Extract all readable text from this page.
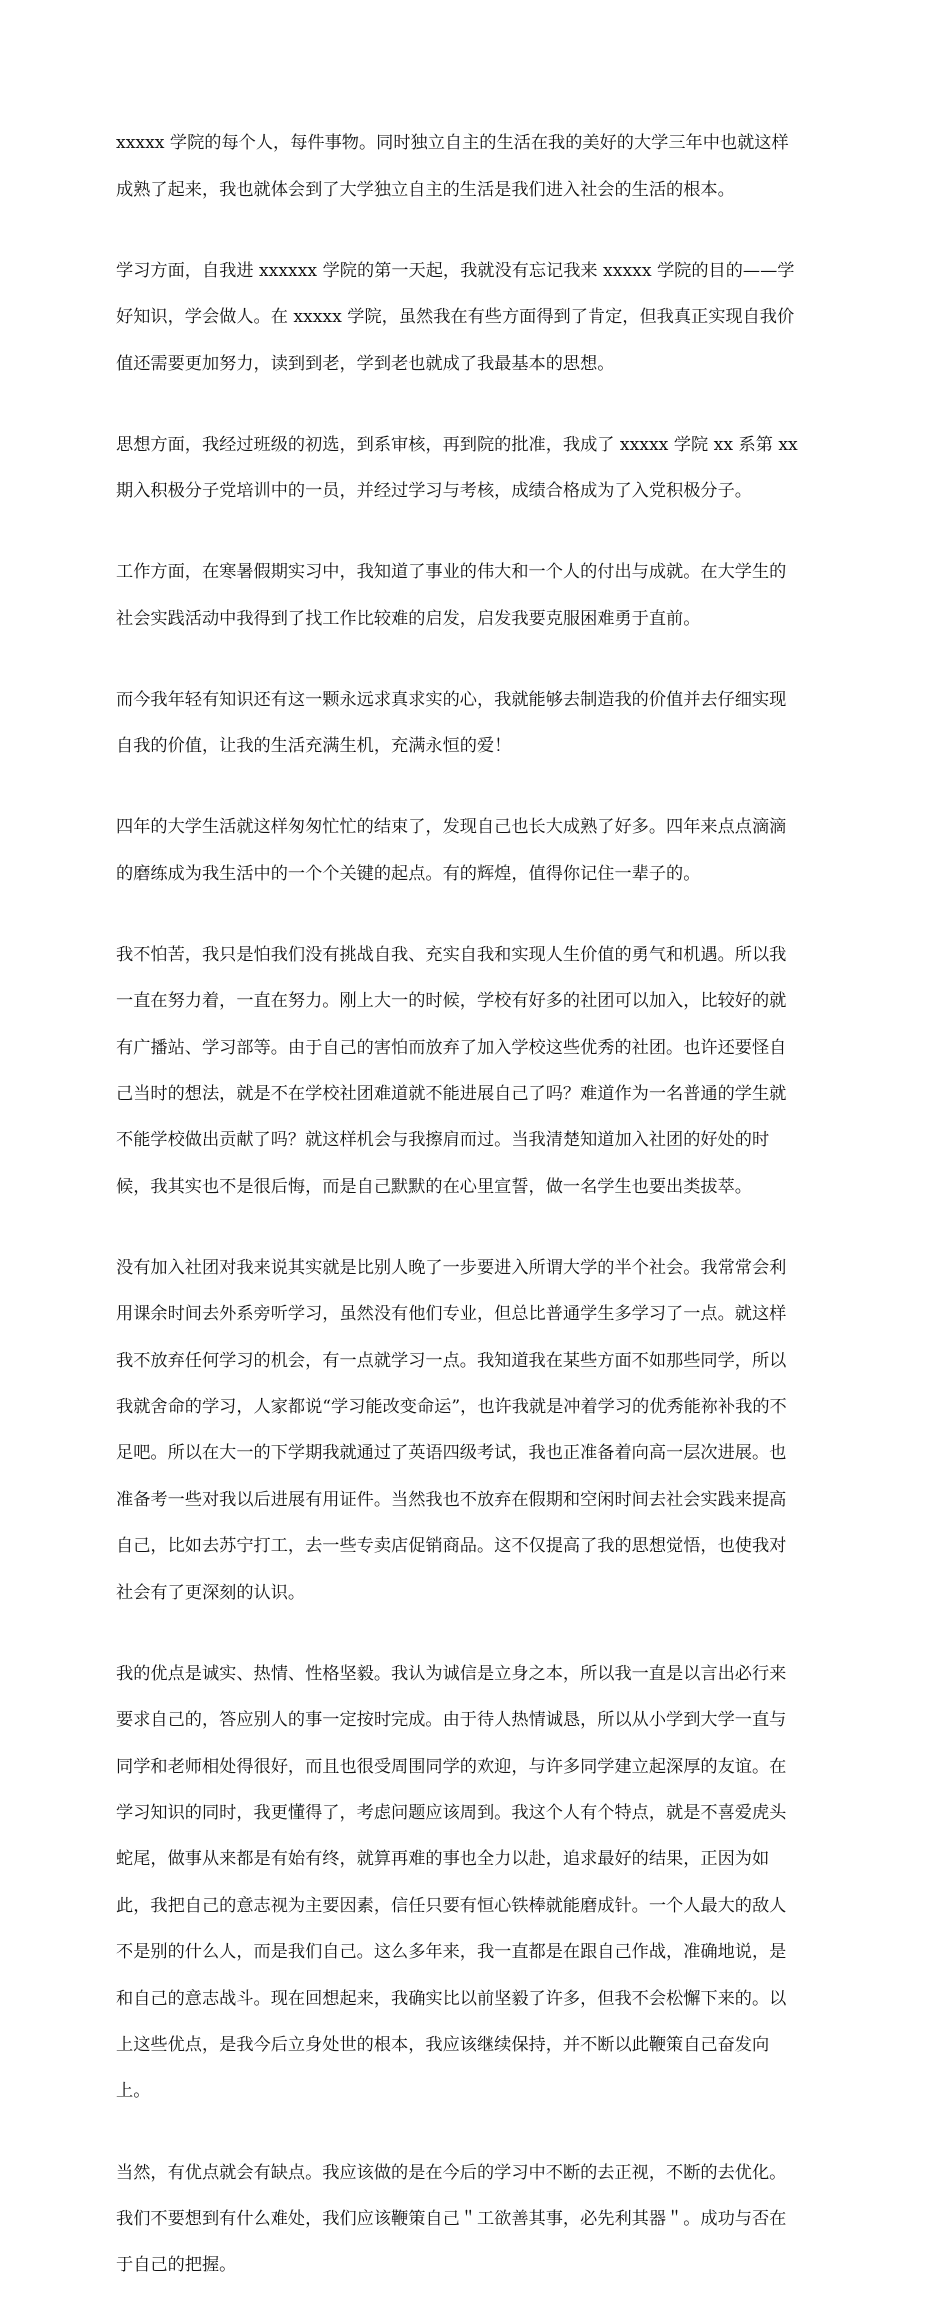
xxxxx 学院的每个人，每件事物。同时独立自主的生活在我的美好的大学三年中也就这样

成熟了起来，我也就体会到了大学独立自主的生活是我们进入社会的生活的根本。

学习方面，自我进 xxxxxx 学院的第一天起，我就没有忘记我来 xxxxx 学院的目的——学

好知识，学会做人。在 xxxxx 学院，虽然我在有些方面得到了肯定，但我真正实现自我价

值还需要更加努力，读到到老，学到老也就成了我最基本的思想。

思想方面，我经过班级的初选，到系审核，再到院的批准，我成了 xxxxx 学院 xx 系第 xx

期入积极分子党培训中的一员，并经过学习与考核，成绩合格成为了入党积极分子。

工作方面，在寒暑假期实习中，我知道了事业的伟大和一个人的付出与成就。在大学生的

社会实践活动中我得到了找工作比较难的启发，启发我要克服困难勇于直前。

而今我年轻有知识还有这一颗永远求真求实的心，我就能够去制造我的价值并去仔细实现

自我的价值，让我的生活充满生机，充满永恒的爱！

四年的大学生活就这样匆匆忙忙的结束了，发现自己也长大成熟了好多。四年来点点滴滴

的磨练成为我生活中的一个个关键的起点。有的辉煌，值得你记住一辈子的。

我不怕苦，我只是怕我们没有挑战自我、充实自我和实现人生价值的勇气和机遇。所以我

一直在努力着，一直在努力。刚上大一的时候，学校有好多的社团可以加入，比较好的就

有广播站、学习部等。由于自己的害怕而放弃了加入学校这些优秀的社团。也许还要怪自

己当时的想法，就是不在学校社团难道就不能进展自己了吗？难道作为一名普通的学生就

不能学校做出贡献了吗？就这样机会与我擦肩而过。当我清楚知道加入社团的好处的时

候，我其实也不是很后悔，而是自己默默的在心里宣誓，做一名学生也要出类拔萃。

没有加入社团对我来说其实就是比别人晚了一步要进入所谓大学的半个社会。我常常会利

用课余时间去外系旁听学习，虽然没有他们专业，但总比普通学生多学习了一点。就这样

我不放弃任何学习的机会，有一点就学习一点。我知道我在某些方面不如那些同学，所以

我就舍命的学习，人家都说“学习能改变命运”，也许我就是冲着学习的优秀能祢补我的不

足吧。所以在大一的下学期我就通过了英语四级考试，我也正准备着向高一层次进展。也

准备考一些对我以后进展有用证件。当然我也不放弃在假期和空闲时间去社会实践来提高

自己，比如去苏宁打工，去一些专卖店促销商品。这不仅提高了我的思想觉悟，也使我对

社会有了更深刻的认识。

我的优点是诚实、热情、性格坚毅。我认为诚信是立身之本，所以我一直是以言出必行来

要求自己的，答应别人的事一定按时完成。由于待人热情诚恳，所以从小学到大学一直与

同学和老师相处得很好，而且也很受周围同学的欢迎，与许多同学建立起深厚的友谊。在

学习知识的同时，我更懂得了，考虑问题应该周到。我这个人有个特点，就是不喜爱虎头

蛇尾，做事从来都是有始有终，就算再难的事也全力以赴，追求最好的结果，正因为如

此，我把自己的意志视为主要因素，信任只要有恒心铁棒就能磨成针。一个人最大的敌人

不是别的什么人，而是我们自己。这么多年来，我一直都是在跟自己作战，准确地说，是

和自己的意志战斗。现在回想起来，我确实比以前坚毅了许多，但我不会松懈下来的。以

上这些优点，是我今后立身处世的根本，我应该继续保持，并不断以此鞭策自己奋发向

上。

当然，有优点就会有缺点。我应该做的是在今后的学习中不断的去正视，不断的去优化。

我们不要想到有什么难处，我们应该鞭策自己＂工欲善其事，必先利其器＂。成功与否在

于自己的把握。
